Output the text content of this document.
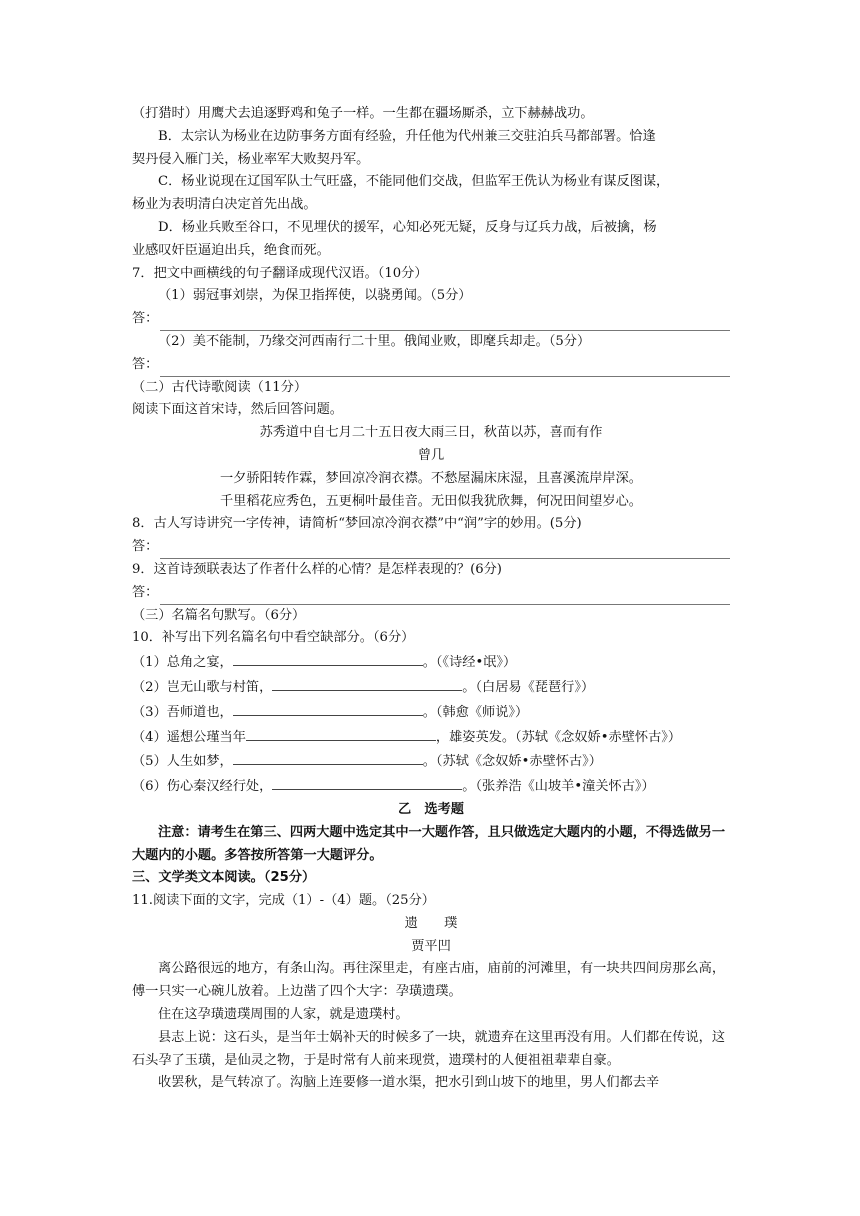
（打猎时）用鹰犬去追逐野鸡和兔子一样。一生都在疆场厮杀，立下赫赫战功。
B．太宗认为杨业在边防事务方面有经验，升任他为代州兼三交驻泊兵马都部署。恰逢
契丹侵入雁门关，杨业率军大败契丹军。
C．杨业说现在辽国军队士气旺盛，不能同他们交战，但监军王侁认为杨业有谋反图谋，
杨业为表明清白决定首先出战。
D．杨业兵败至谷口，不见埋伏的援军，心知必死无疑，反身与辽兵力战，后被擒，杨
业感叹奸臣逼迫出兵，绝食而死。
7．把文中画横线的句子翻译成现代汉语。（10分）
（1）弱冠事刘崇，为保卫指挥使，以骁勇闻。（5分）
答：
（2）美不能制，乃缘交河西南行二十里。俄闻业败，即麾兵却走。（5分）
答：
（二）古代诗歌阅读（11分）
阅读下面这首宋诗，然后回答问题。
苏秀道中自七月二十五日夜大雨三日，秋苗以苏，喜而有作
曾几
一夕骄阳转作霖，梦回凉冷润衣襟。不愁屋漏床床湿，且喜溪流岸岸深。
千里稻花应秀色，五更桐叶最佳音。无田似我犹欣舞，何况田间望岁心。
8．古人写诗讲究一字传神，请简析“梦回凉冷润衣襟”中“润”字的妙用。(5分)
答：
9．这首诗颈联表达了作者什么样的心情？是怎样表现的？(6分)
答：
（三）名篇名句默写。（6分）
10．补写出下列名篇名句中看空缺部分。（6分）
（1）总角之宴，	。（《诗经•氓》）
（2）岂无山歌与村笛，	。（白居易《琵琶行》）
（3）吾师道也，	。（韩愈《师说》）
（4）遥想公瑾当年	，雄姿英发。（苏轼《念奴娇•赤壁怀古》）
（5）人生如梦，	。（苏轼《念奴娇•赤壁怀古》）
（6）伤心秦汉经行处，	。（张养浩《山坡羊•潼关怀古》）
乙　选考题
注意：请考生在第三、四两大题中选定其中一大题作答，且只做选定大题内的小题，不得选做另一大题内的小题。多答按所答第一大题评分。
三、文学类文本阅读。（25分）
11.阅读下面的文字，完成（1）-（4）题。（25分）
遗　　璞
贾平凹
离公路很远的地方，有条山沟。再往深里走，有座古庙，庙前的河滩里，有一块共四间房那幺高，傅一只实一心碗儿放着。上边凿了四个大字：孕璜遗璞。
住在这孕璜遗璞周围的人家，就是遗璞村。
县志上说：这石头，是当年士娲补天的时候多了一块，就遗弃在这里再没有用。人们都在传说，这石头孕了玉璜，是仙灵之物，于是时常有人前来现赏，遗璞村的人便祖祖辈辈自豪。
收罢秋，是气转凉了。沟脑上连要修一道水渠，把水引到山坡下的地里，男人们都去辛
